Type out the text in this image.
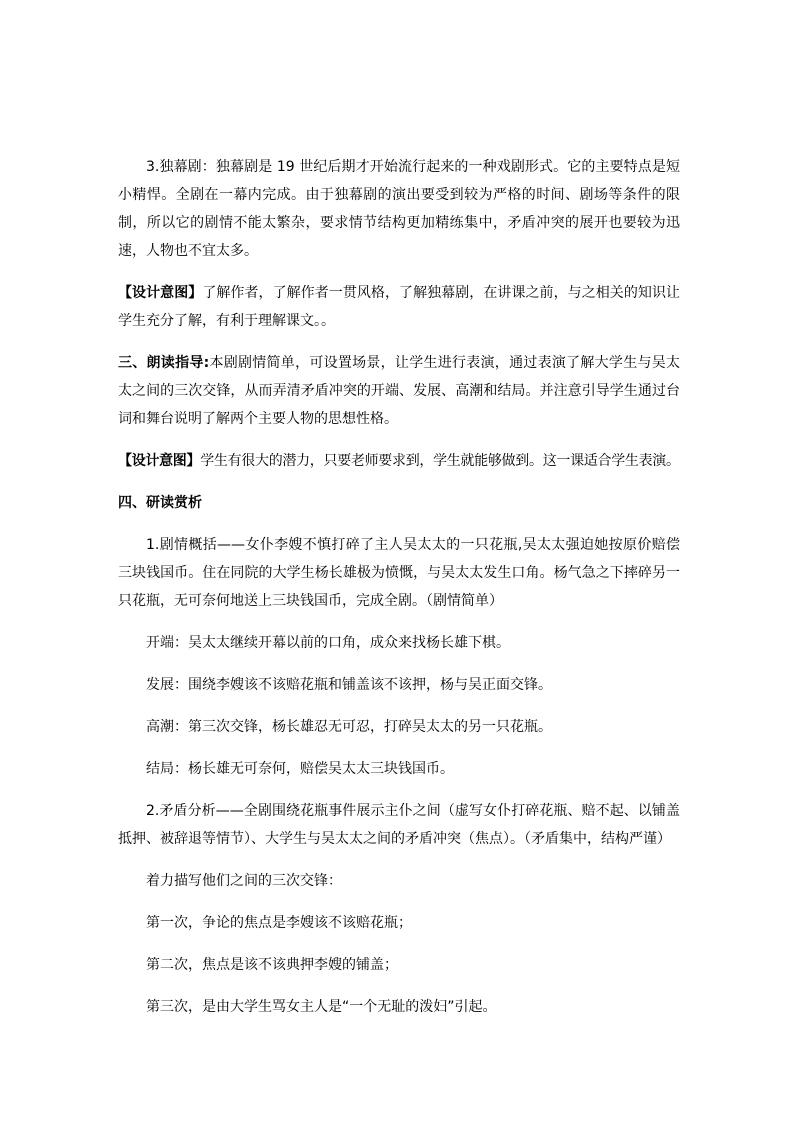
3.独幕剧：独幕剧是 19 世纪后期才开始流行起来的一种戏剧形式。它的主要特点是短小精悍。全剧在一幕内完成。由于独幕剧的演出要受到较为严格的时间、剧场等条件的限制，所以它的剧情不能太繁杂，要求情节结构更加精练集中，矛盾冲突的展开也要较为迅速，人物也不宜太多。

【设计意图】了解作者，了解作者一贯风格，了解独幕剧，在讲课之前，与之相关的知识让学生充分了解，有利于理解课文。。

三、朗读指导:本剧剧情简单，可设置场景，让学生进行表演，通过表演了解大学生与吴太太之间的三次交锋，从而弄清矛盾冲突的开端、发展、高潮和结局。并注意引导学生通过台词和舞台说明了解两个主要人物的思想性格。

【设计意图】学生有很大的潜力，只要老师要求到，学生就能够做到。这一课适合学生表演。

四、研读赏析

1.剧情概括——女仆李嫂不慎打碎了主人吴太太的一只花瓶,吴太太强迫她按原价赔偿三块钱国币。住在同院的大学生杨长雄极为愤慨，与吴太太发生口角。杨气急之下摔碎另一只花瓶，无可奈何地送上三块钱国币，完成全剧。（剧情简单）

开端：吴太太继续开幕以前的口角，成众来找杨长雄下棋。

发展：围绕李嫂该不该赔花瓶和铺盖该不该押，杨与吴正面交锋。

高潮：第三次交锋，杨长雄忍无可忍，打碎吴太太的另一只花瓶。

结局：杨长雄无可奈何，赔偿吴太太三块钱国币。

2.矛盾分析——全剧围绕花瓶事件展示主仆之间（虚写女仆打碎花瓶、赔不起、以铺盖抵押、被辞退等情节）、大学生与吴太太之间的矛盾冲突（焦点）。（矛盾集中，结构严谨）

着力描写他们之间的三次交锋：

第一次，争论的焦点是李嫂该不该赔花瓶；

第二次，焦点是该不该典押李嫂的铺盖；

第三次，是由大学生骂女主人是“一个无耻的泼妇”引起。
